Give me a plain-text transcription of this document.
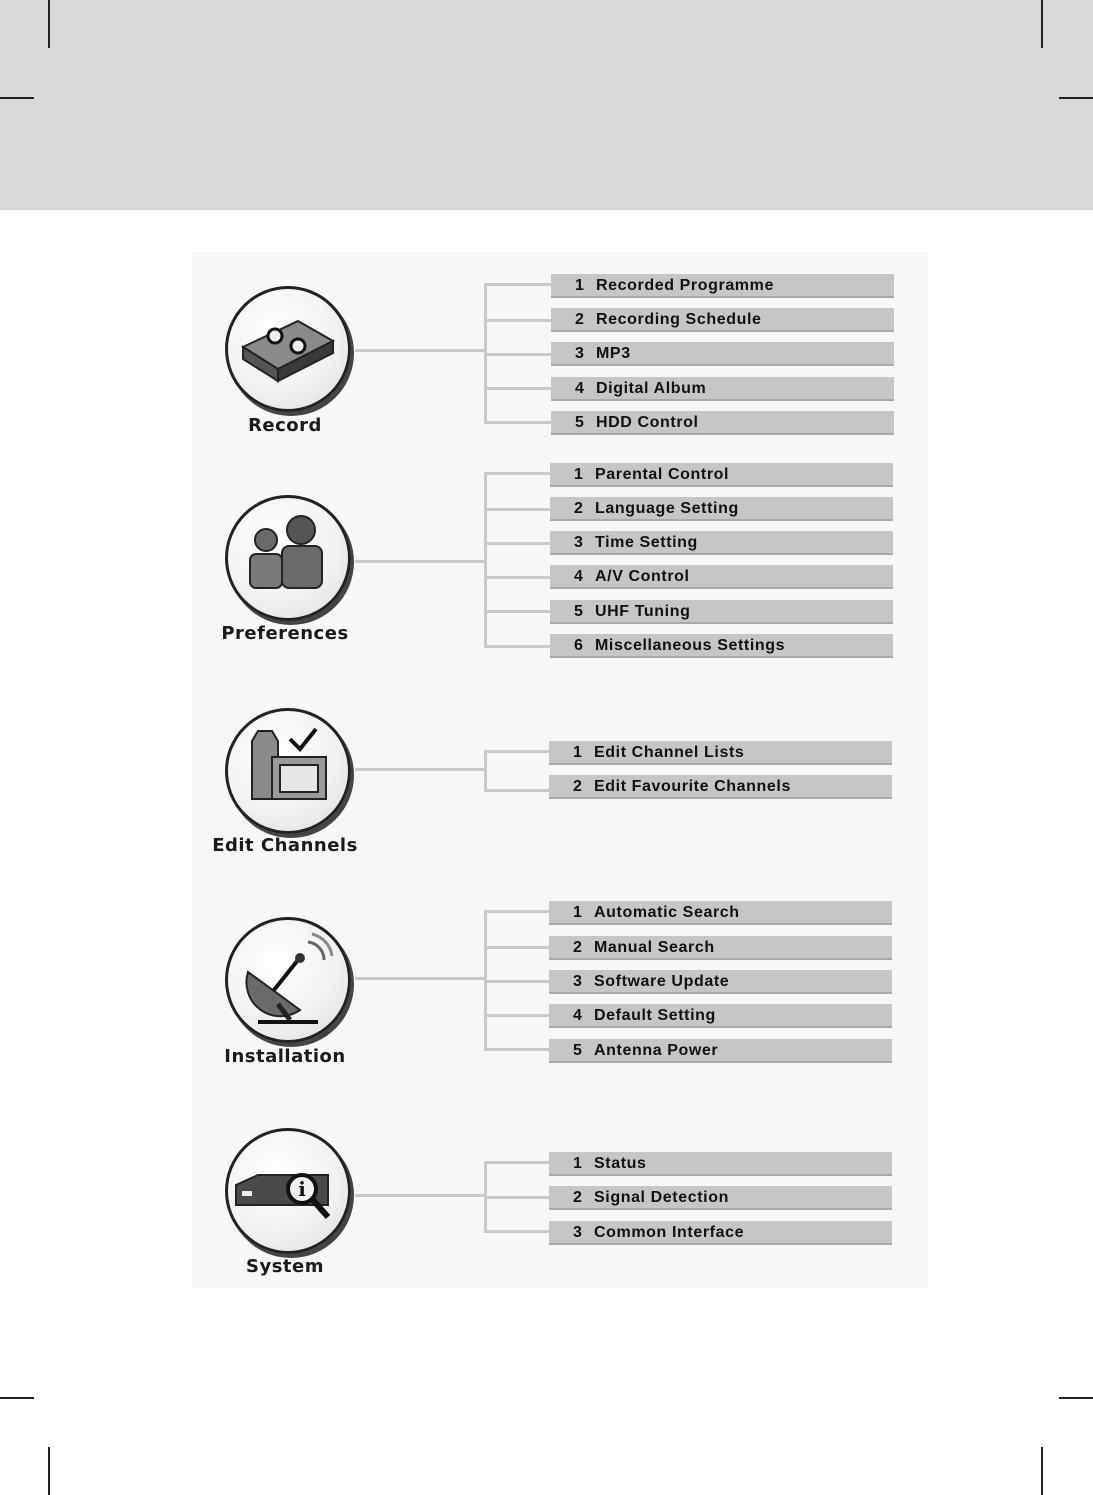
Record
1 Recorded Programme
2 Recording Schedule
3 MP3
4 Digital Album
5 HDD Control
Preferences
1 Parental Control
2 Language Setting
3 Time Setting
4 A/V Control
5 UHF Tuning
6 Miscellaneous Settings
Edit Channels
1 Edit Channel Lists
2 Edit Favourite Channels
Installation
1 Automatic Search
2 Manual Search
3 Software Update
4 Default Setting
5 Antenna Power
i
System
1 Status
2 Signal Detection
3 Common Interface
